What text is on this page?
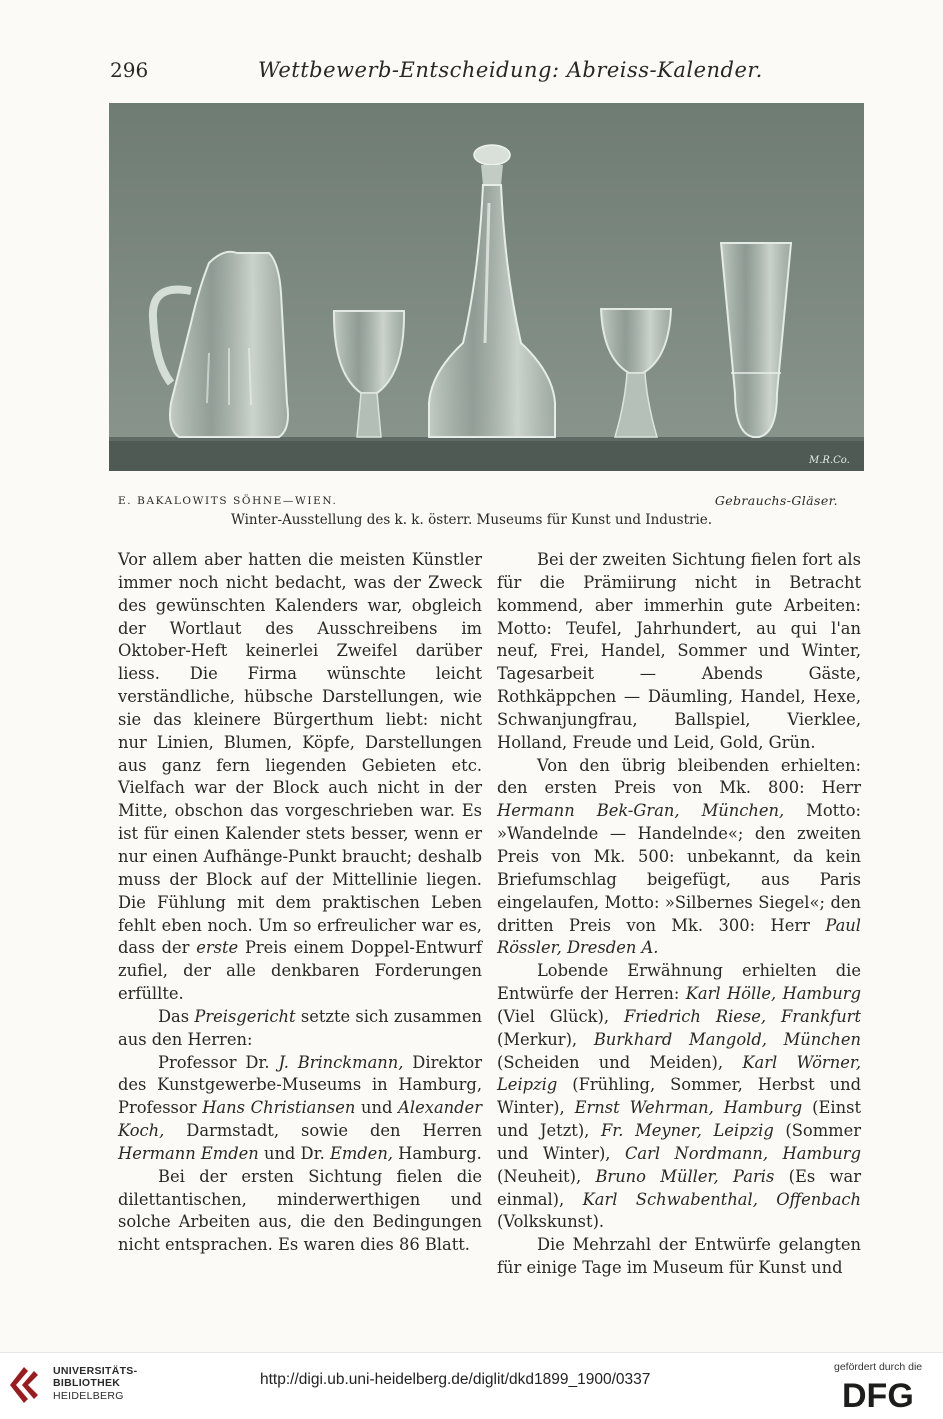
296	Wettbewerb-Entscheidung: Abreiss-Kalender.
M.R.Co.
E. BAKALOWITS SÖHNE—WIEN.	Gebrauchs-Gläser.
Winter-Ausstellung des k. k. österr. Museums für Kunst und Industrie.

Vor allem aber hatten die meisten Künstler immer noch nicht bedacht, was der Zweck des gewünschten Kalenders war, obgleich der Wortlaut des Ausschreibens im Oktober-Heft keinerlei Zweifel darüber liess. Die Firma wünschte leicht verständliche, hübsche Darstellungen, wie sie das kleinere Bürgerthum liebt: nicht nur Linien, Blumen, Köpfe, Darstellungen aus ganz fern liegenden Gebieten etc. Vielfach war der Block auch nicht in der Mitte, obschon das vorgeschrieben war. Es ist für einen Kalender stets besser, wenn er nur einen Aufhänge-Punkt braucht; deshalb muss der Block auf der Mittellinie liegen. Die Fühlung mit dem praktischen Leben fehlt eben noch. Um so erfreulicher war es, dass der erste Preis einem Doppel-Entwurf zufiel, der alle denkbaren Forderungen erfüllte.

Das Preisgericht setzte sich zusammen aus den Herren:

Professor Dr. J. Brinckmann, Direktor des Kunstgewerbe-Museums in Hamburg, Professor Hans Christiansen und Alexander Koch, Darmstadt, sowie den Herren Hermann Emden und Dr. Emden, Hamburg.

Bei der ersten Sichtung fielen die dilettantischen, minderwerthigen und solche Arbeiten aus, die den Bedingungen nicht entsprachen. Es waren dies 86 Blatt.

Bei der zweiten Sichtung fielen fort als für die Prämiirung nicht in Betracht kommend, aber immerhin gute Arbeiten: Motto: Teufel, Jahrhundert, au qui l'an neuf, Frei, Handel, Sommer und Winter, Tagesarbeit — Abends Gäste, Rothkäppchen — Däumling, Handel, Hexe, Schwanjungfrau, Ballspiel, Vierklee, Holland, Freude und Leid, Gold, Grün.

Von den übrig bleibenden erhielten: den ersten Preis von Mk. 800: Herr Hermann Bek-Gran, München, Motto: »Wandelnde — Handelnde«; den zweiten Preis von Mk. 500: unbekannt, da kein Briefumschlag beigefügt, aus Paris eingelaufen, Motto: »Silbernes Siegel«; den dritten Preis von Mk. 300: Herr Paul Rössler, Dresden A.

Lobende Erwähnung erhielten die Entwürfe der Herren: Karl Hölle, Hamburg (Viel Glück), Friedrich Riese, Frankfurt (Merkur), Burkhard Mangold, München (Scheiden und Meiden), Karl Wörner, Leipzig (Frühling, Sommer, Herbst und Winter), Ernst Wehrman, Hamburg (Einst und Jetzt), Fr. Meyner, Leipzig (Sommer und Winter), Carl Nordmann, Hamburg (Neuheit), Bruno Müller, Paris (Es war einmal), Karl Schwabenthal, Offenbach (Volkskunst).

Die Mehrzahl der Entwürfe gelangten für einige Tage im Museum für Kunst und

UNIVERSITÄTS-
BIBLIOTHEK
HEIDELBERG
http://digi.ub.uni-heidelberg.de/diglit/dkd1899_1900/0337
gefördert durch die
DFG
